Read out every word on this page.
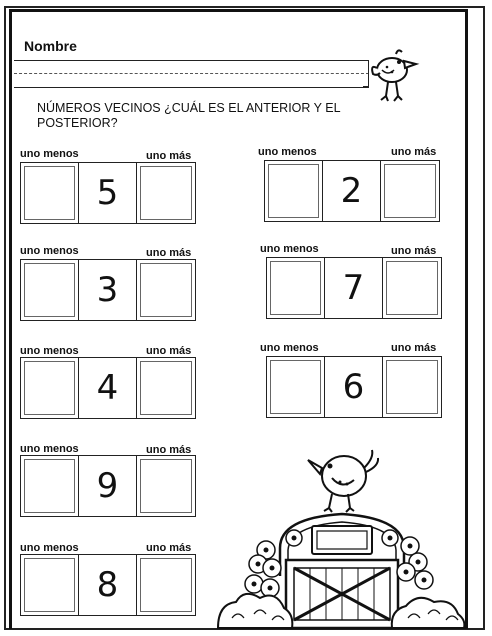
Nombre
NÚMEROS VECINOS ¿CUÁL ES EL ANTERIOR Y EL POSTERIOR?
uno menos	uno más
5
uno menos	uno más
2
uno menos	uno más
3
uno menos	uno más
7
uno menos	uno más
4
uno menos	uno más
6
uno menos	uno más
9
uno menos	uno más
8
